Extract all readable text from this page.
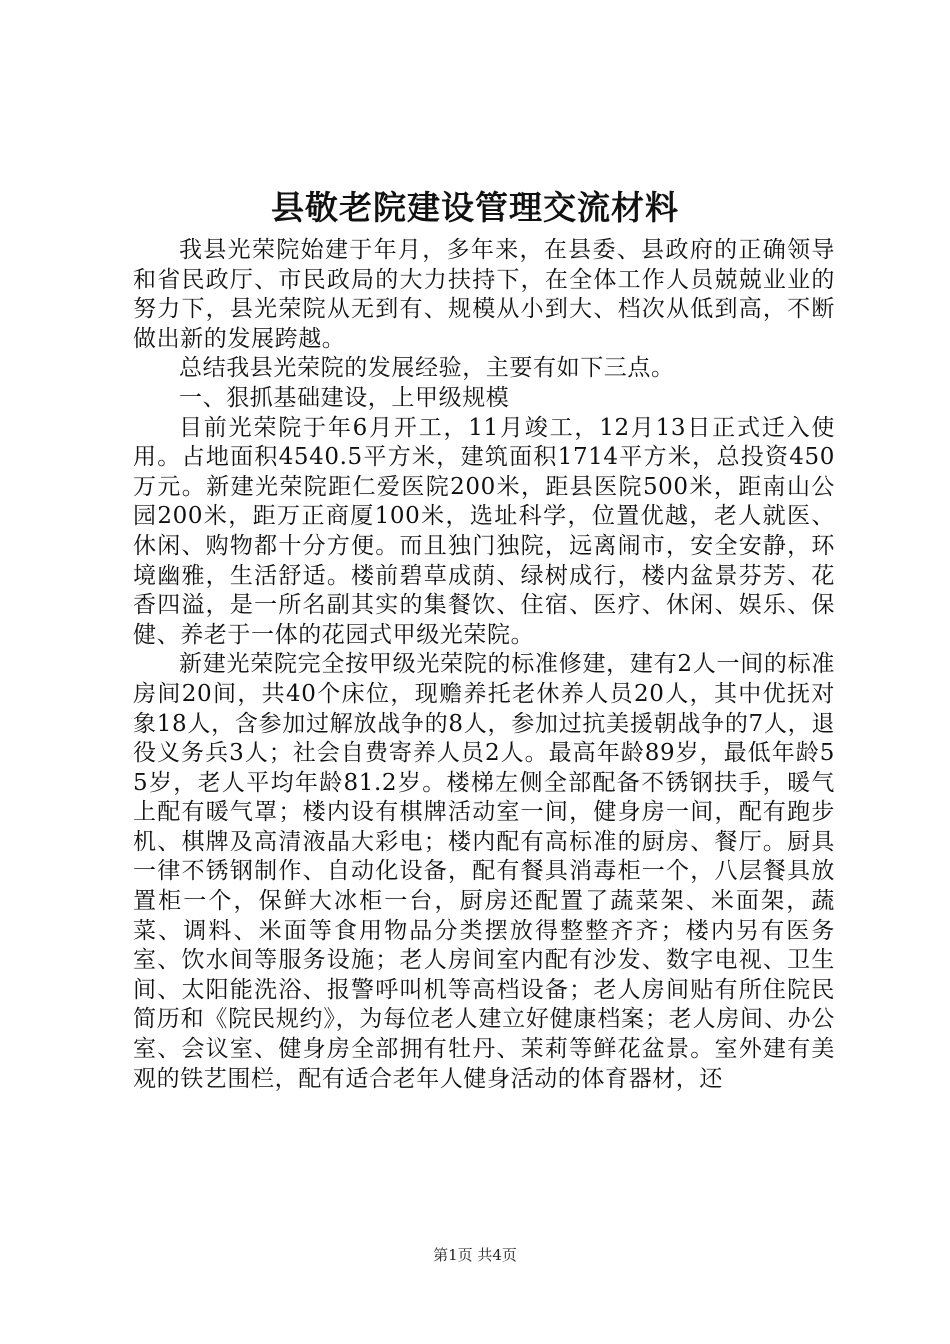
县敬老院建设管理交流材料

我县光荣院始建于年月，多年来，在县委、县政府的正确领导和省民政厅、市民政局的大力扶持下，在全体工作人员兢兢业业的努力下，县光荣院从无到有、规模从小到大、档次从低到高，不断做出新的发展跨越。

总结我县光荣院的发展经验，主要有如下三点。

一、狠抓基础建设，上甲级规模

目前光荣院于年6月开工，11月竣工，12月13日正式迁入使用。占地面积4540.5平方米，建筑面积1714平方米，总投资450万元。新建光荣院距仁爱医院200米，距县医院500米，距南山公园200米，距万正商厦100米，选址科学，位置优越，老人就医、休闲、购物都十分方便。而且独门独院，远离闹市，安全安静，环境幽雅，生活舒适。楼前碧草成荫、绿树成行，楼内盆景芬芳、花香四溢，是一所名副其实的集餐饮、住宿、医疗、休闲、娱乐、保健、养老于一体的花园式甲级光荣院。

新建光荣院完全按甲级光荣院的标准修建，建有2人一间的标准房间20间，共40个床位，现赡养托老休养人员20人，其中优抚对象18人，含参加过解放战争的8人，参加过抗美援朝战争的7人，退役义务兵3人；社会自费寄养人员2人。最高年龄89岁，最低年龄55岁，老人平均年龄81.2岁。楼梯左侧全部配备不锈钢扶手，暖气上配有暖气罩；楼内设有棋牌活动室一间，健身房一间，配有跑步机、棋牌及高清液晶大彩电；楼内配有高标准的厨房、餐厅。厨具一律不锈钢制作、自动化设备，配有餐具消毒柜一个，八层餐具放置柜一个，保鲜大冰柜一台，厨房还配置了蔬菜架、米面架，蔬菜、调料、米面等食用物品分类摆放得整整齐齐；楼内另有医务室、饮水间等服务设施；老人房间室内配有沙发、数字电视、卫生间、太阳能洗浴、报警呼叫机等高档设备；老人房间贴有所住院民简历和《院民规约》，为每位老人建立好健康档案；老人房间、办公室、会议室、健身房全部拥有牡丹、茉莉等鲜花盆景。室外建有美观的铁艺围栏，配有适合老年人健身活动的体育器材，还

第1页 共4页
